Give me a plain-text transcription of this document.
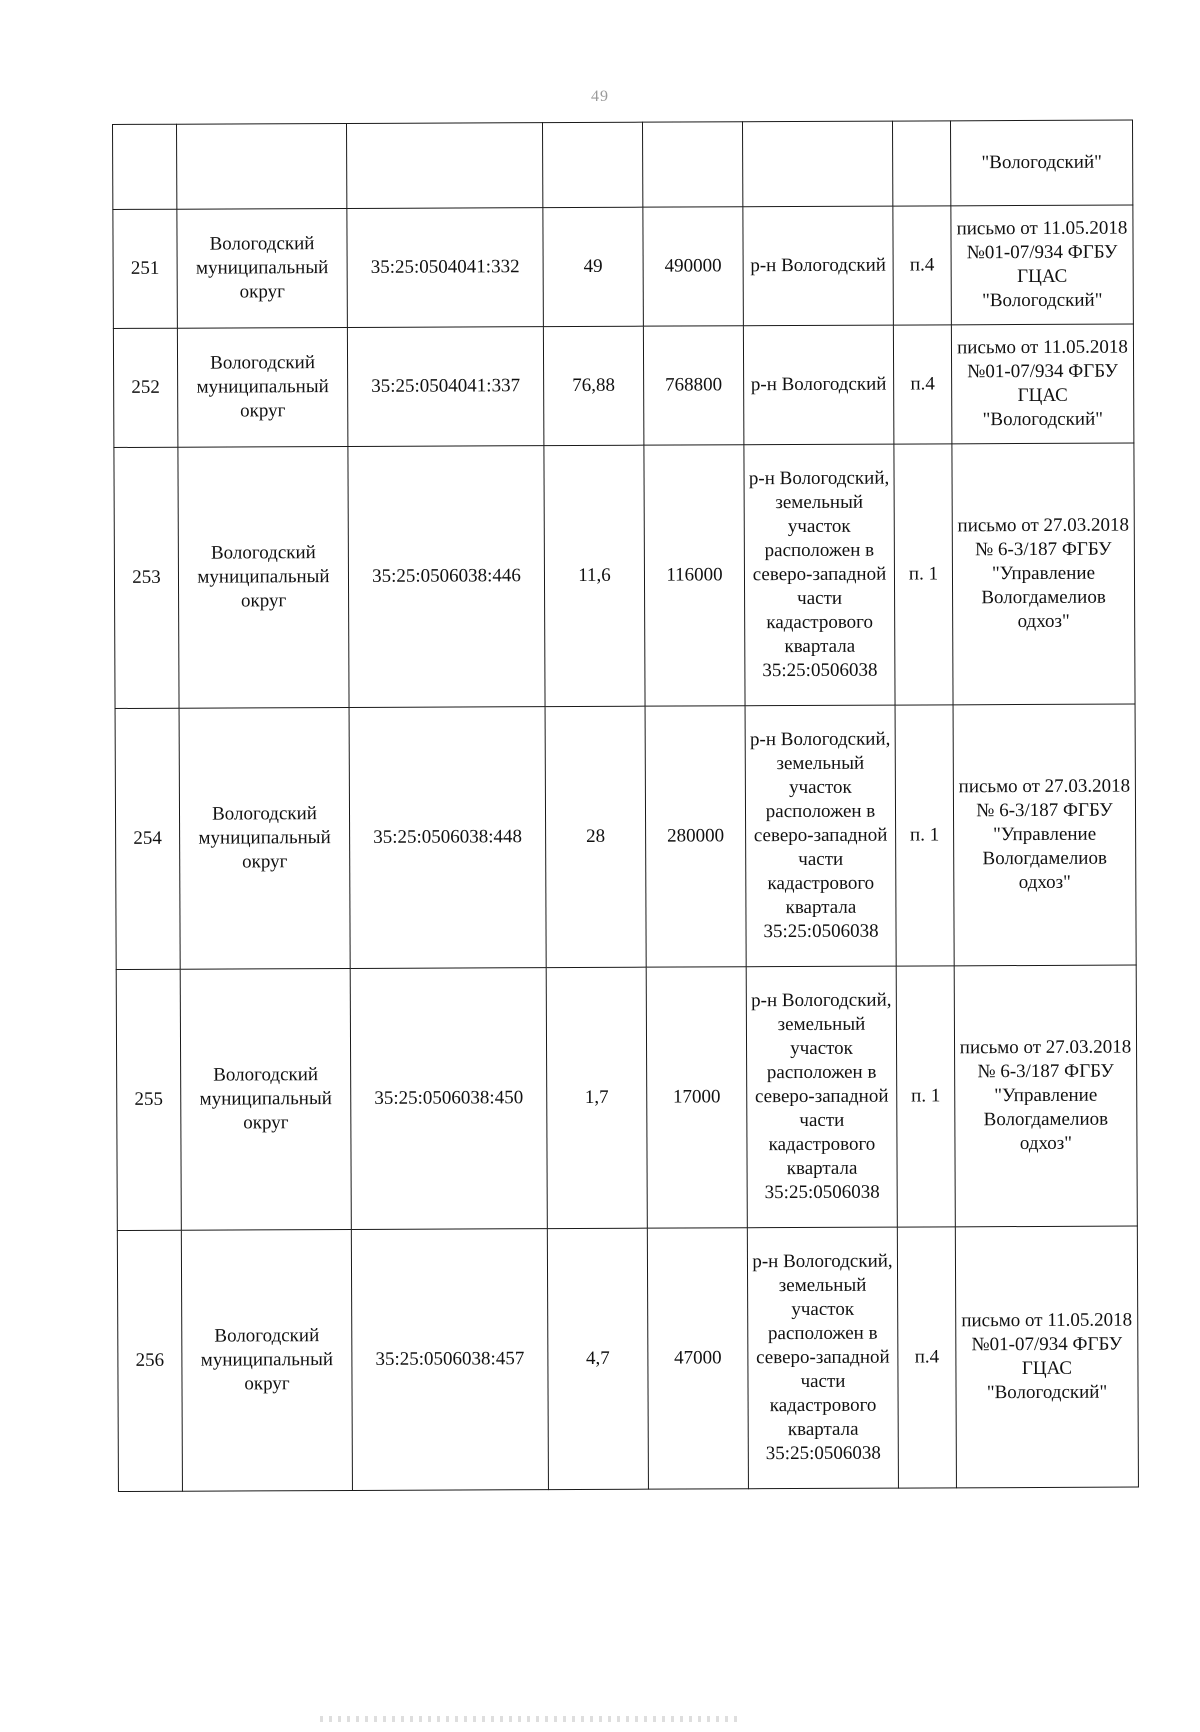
49
							"Вологодский"
251	Вологодский муниципальный округ	35:25:0504041:332	49	490000	р-н Вологодский	п.4	письмо от 11.05.2018 №01-07/934 ФГБУ ГЦАС "Вологодский"
252	Вологодский муниципальный округ	35:25:0504041:337	76,88	768800	р-н Вологодский	п.4	письмо от 11.05.2018 №01-07/934 ФГБУ ГЦАС "Вологодский"
253	Вологодский муниципальный округ	35:25:0506038:446	11,6	116000	р-н Вологодский, земельный участок расположен в северо-западной части кадастрового квартала 35:25:0506038	п. 1	письмо от 27.03.2018 № 6-3/187 ФГБУ "Управление Вологдамелиов одхоз"
254	Вологодский муниципальный округ	35:25:0506038:448	28	280000	р-н Вологодский, земельный участок расположен в северо-западной части кадастрового квартала 35:25:0506038	п. 1	письмо от 27.03.2018 № 6-3/187 ФГБУ "Управление Вологдамелиов одхоз"
255	Вологодский муниципальный округ	35:25:0506038:450	1,7	17000	р-н Вологодский, земельный участок расположен в северо-западной части кадастрового квартала 35:25:0506038	п. 1	письмо от 27.03.2018 № 6-3/187 ФГБУ "Управление Вологдамелиов одхоз"
256	Вологодский муниципальный округ	35:25:0506038:457	4,7	47000	р-н Вологодский, земельный участок расположен в северо-западной части кадастрового квартала 35:25:0506038	п.4	письмо от 11.05.2018 №01-07/934 ФГБУ ГЦАС "Вологодский"
